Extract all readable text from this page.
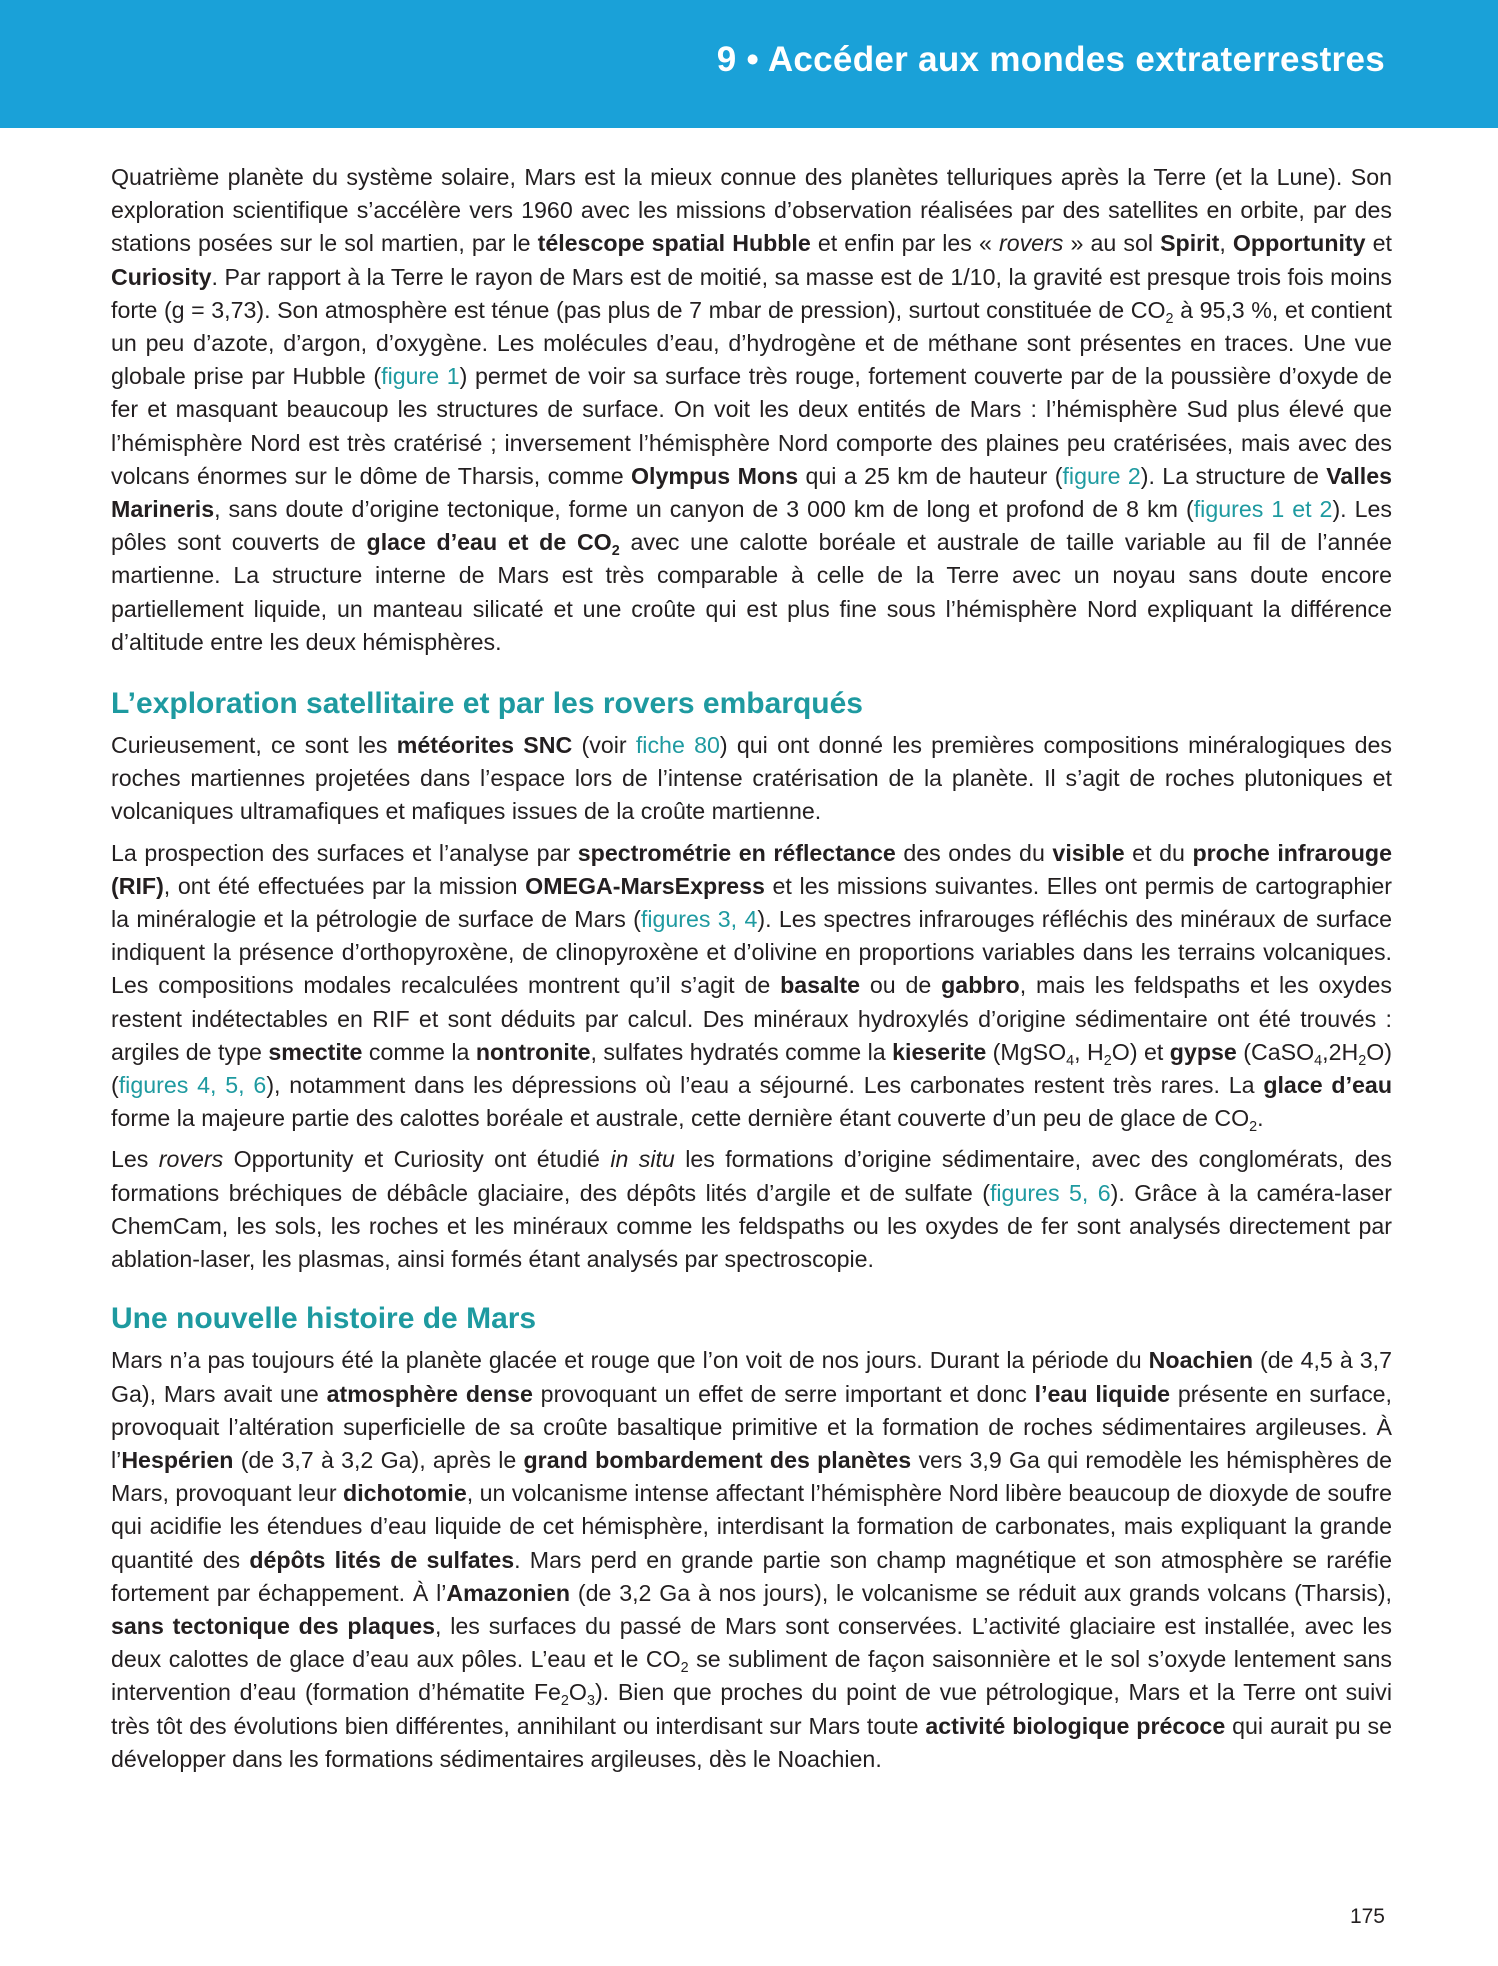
9 • Accéder aux mondes extraterrestres

Quatrième planète du système solaire, Mars est la mieux connue des planètes telluriques après la Terre (et la Lune). Son exploration scientifique s’accélère vers 1960 avec les missions d’observation réalisées par des satellites en orbite, par des stations posées sur le sol martien, par le télescope spatial Hubble et enfin par les « rovers » au sol Spirit, Opportunity et Curiosity. Par rapport à la Terre le rayon de Mars est de moitié, sa masse est de 1/10, la gravité est presque trois fois moins forte (g = 3,73). Son atmosphère est ténue (pas plus de 7 mbar de pression), surtout constituée de $CO_2$ à 95,3 %, et contient un peu d’azote, d’argon, d’oxygène. Les molécules d’eau, d’hydrogène et de méthane sont présentes en traces. Une vue globale prise par Hubble (figure 1) permet de voir sa surface très rouge, fortement couverte par de la poussière d’oxyde de fer et masquant beaucoup les structures de surface. On voit les deux entités de Mars : l’hémisphère Sud plus élevé que l’hémisphère Nord est très cratérisé ; inversement l’hémisphère Nord comporte des plaines peu cratérisées, mais avec des volcans énormes sur le dôme de Tharsis, comme Olympus Mons qui a 25 km de hauteur (figure 2). La structure de Valles Marineris, sans doute d’origine tectonique, forme un canyon de 3 000 km de long et profond de 8 km (figures 1 et 2). Les pôles sont couverts de glace d’eau et de $CO_2$ avec une calotte boréale et australe de taille variable au fil de l’année martienne. La structure interne de Mars est très comparable à celle de la Terre avec un noyau sans doute encore partiellement liquide, un manteau silicaté et une croûte qui est plus fine sous l’hémisphère Nord expliquant la différence d’altitude entre les deux hémisphères.

L’exploration satellitaire et par les rovers embarqués

Curieusement, ce sont les météorites SNC (voir fiche 80) qui ont donné les premières compositions minéralogiques des roches martiennes projetées dans l’espace lors de l’intense cratérisation de la planète. Il s’agit de roches plutoniques et volcaniques ultramafiques et mafiques issues de la croûte martienne.

La prospection des surfaces et l’analyse par spectrométrie en réflectance des ondes du visible et du proche infrarouge (RIF), ont été effectuées par la mission OMEGA-MarsExpress et les missions suivantes. Elles ont permis de cartographier la minéralogie et la pétrologie de surface de Mars (figures 3, 4). Les spectres infrarouges réfléchis des minéraux de surface indiquent la présence d’orthopyroxène, de clinopyroxène et d’olivine en proportions variables dans les terrains volcaniques. Les compositions modales recalculées montrent qu’il s’agit de basalte ou de gabbro, mais les feldspaths et les oxydes restent indétectables en RIF et sont déduits par calcul. Des minéraux hydroxylés d’origine sédimentaire ont été trouvés : argiles de type smectite comme la nontronite, sulfates hydratés comme la kieserite (MgSO$_4$, $H_2O$) et gypse $(CaSO_4,2H_2O)$ (figures 4, 5, 6), notamment dans les dépressions où l’eau a séjourné. Les carbonates restent très rares. La glace d’eau forme la majeure partie des calottes boréale et australe, cette dernière étant couverte d’un peu de glace de $CO_2$.

Les rovers Opportunity et Curiosity ont étudié in situ les formations d’origine sédimentaire, avec des conglomérats, des formations bréchiques de débâcle glaciaire, des dépôts lités d’argile et de sulfate (figures 5, 6). Grâce à la caméra-laser ChemCam, les sols, les roches et les minéraux comme les feldspaths ou les oxydes de fer sont analysés directement par ablation-laser, les plasmas, ainsi formés étant analysés par spectroscopie.

Une nouvelle histoire de Mars

Mars n’a pas toujours été la planète glacée et rouge que l’on voit de nos jours. Durant la période du Noachien (de 4,5 à 3,7 Ga), Mars avait une atmosphère dense provoquant un effet de serre important et donc l’eau liquide présente en surface, provoquait l’altération superficielle de sa croûte basaltique primitive et la formation de roches sédimentaires argileuses. À l’Hespérien (de 3,7 à 3,2 Ga), après le grand bombardement des planètes vers 3,9 Ga qui remodèle les hémisphères de Mars, provoquant leur dichotomie, un volcanisme intense affectant l’hémisphère Nord libère beaucoup de dioxyde de soufre qui acidifie les étendues d’eau liquide de cet hémisphère, interdisant la formation de carbonates, mais expliquant la grande quantité des dépôts lités de sulfates. Mars perd en grande partie son champ magnétique et son atmosphère se raréfie fortement par échappement. À l’Amazonien (de 3,2 Ga à nos jours), le volcanisme se réduit aux grands volcans (Tharsis), sans tectonique des plaques, les surfaces du passé de Mars sont conservées. L’activité glaciaire est installée, avec les deux calottes de glace d’eau aux pôles. L’eau et le $CO_2$ se subliment de façon saisonnière et le sol s’oxyde lentement sans intervention d’eau (formation d’hématite $Fe_2O_3$). Bien que proches du point de vue pétrologique, Mars et la Terre ont suivi très tôt des évolutions bien différentes, annihilant ou interdisant sur Mars toute activité biologique précoce qui aurait pu se développer dans les formations sédimentaires argileuses, dès le Noachien.

175
